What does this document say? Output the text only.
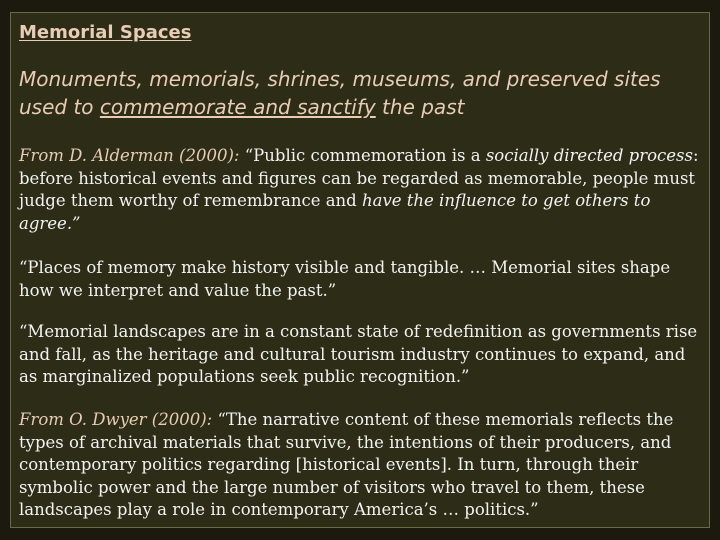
Memorial Spaces

Monuments, memorials, shrines, museums, and preserved sites used to commemorate and sanctify the past

From D. Alderman (2000): “Public commemoration is a socially directed process: before historical events and figures can be regarded as memorable, people must judge them worthy of remembrance and have the influence to get others to agree.”

“Places of memory make history visible and tangible. … Memorial sites shape how we interpret and value the past.”

“Memorial landscapes are in a constant state of redefinition as governments rise and fall, as the heritage and cultural tourism industry continues to expand, and as marginalized populations seek public recognition.”

From O. Dwyer (2000): “The narrative content of these memorials reflects the types of archival materials that survive, the intentions of their producers, and contemporary politics regarding [historical events]. In turn, through their symbolic power and the large number of visitors who travel to them, these landscapes play a role in contemporary America’s … politics.”
